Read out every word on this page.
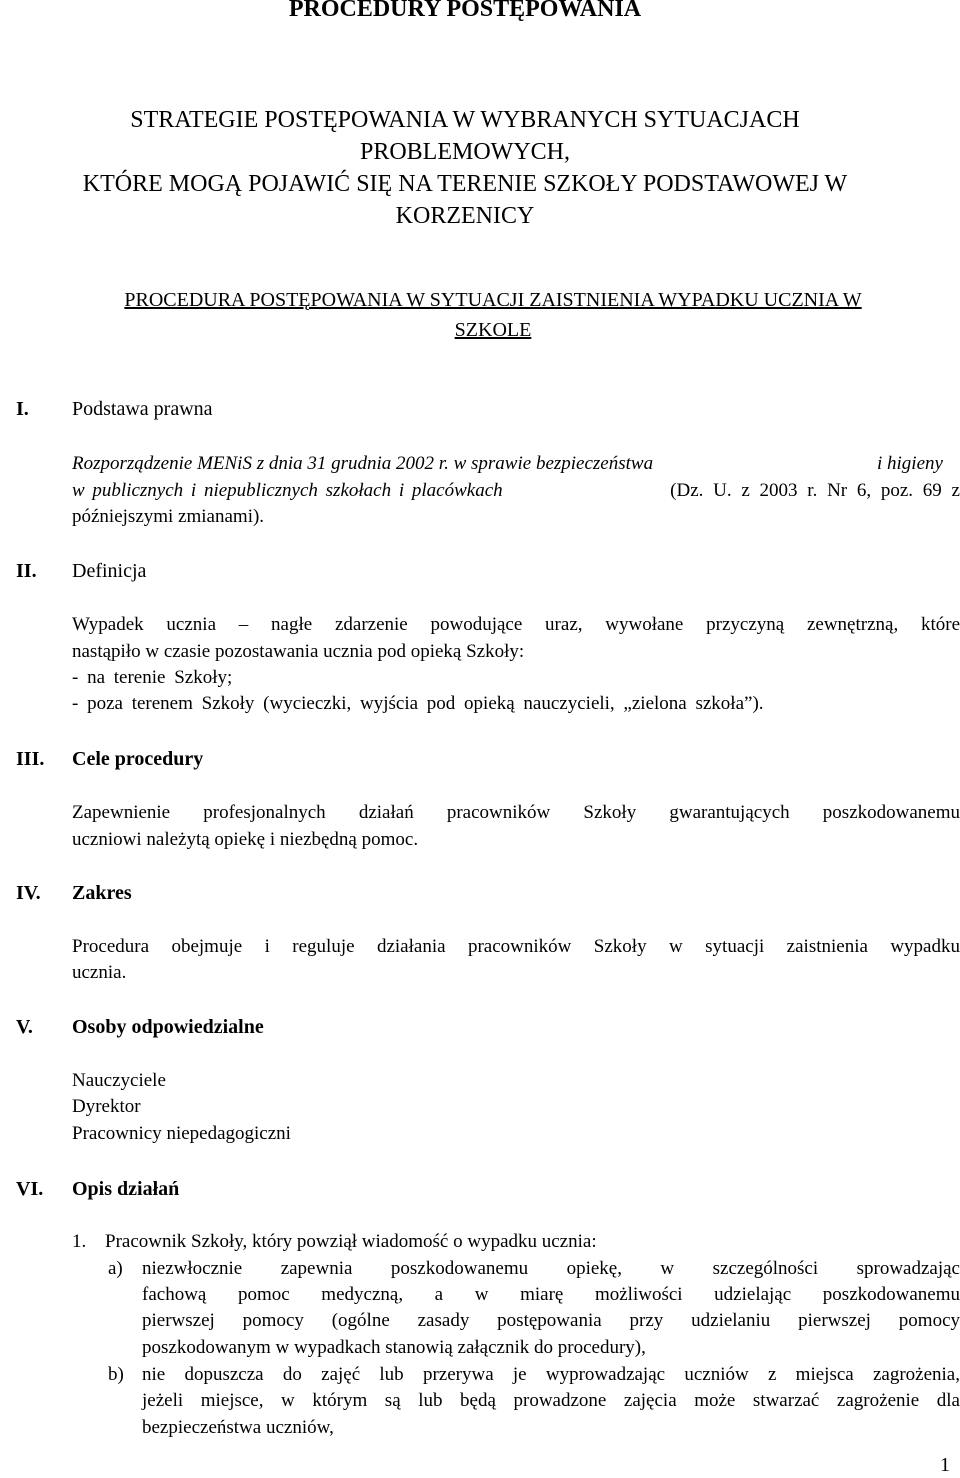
PROCEDURY POSTĘPOWANIA
STRATEGIE POSTĘPOWANIA W WYBRANYCH SYTUACJACH
PROBLEMOWYCH,
KTÓRE MOGĄ POJAWIĆ SIĘ NA TERENIE SZKOŁY PODSTAWOWEJ W
KORZENICY
PROCEDURA POSTĘPOWANIA W SYTUACJI ZAISTNIENIA WYPADKU UCZNIA W
SZKOLE
I. Podstawa prawna
Rozporządzenie MENiS z dnia 31 grudnia 2002 r. w sprawie bezpieczeństwa	i higieny
w publicznych i niepublicznych szkołach i placówkach	(Dz. U. z 2003 r. Nr 6, poz. 69 z
późniejszymi zmianami).
II. Definicja
Wypadek ucznia – nagłe zdarzenie powodujące uraz, wywołane przyczyną zewnętrzną, które
nastąpiło w czasie pozostawania ucznia pod opieką Szkoły:
- na terenie Szkoły;
- poza terenem Szkoły (wycieczki, wyjścia pod opieką nauczycieli, „zielona szkoła”).
III. Cele procedury
Zapewnienie profesjonalnych działań pracowników Szkoły gwarantujących poszkodowanemu
uczniowi należytą opiekę i niezbędną pomoc.
IV. Zakres
Procedura obejmuje i reguluje działania pracowników Szkoły w sytuacji zaistnienia wypadku
ucznia.
V. Osoby odpowiedzialne
Nauczyciele
Dyrektor
Pracownicy niepedagogiczni
VI. Opis działań
1. Pracownik Szkoły, który powziął wiadomość o wypadku ucznia:
a) niezwłocznie zapewnia poszkodowanemu opiekę, w szczególności sprowadzając
fachową pomoc medyczną, a w miarę możliwości udzielając poszkodowanemu
pierwszej pomocy (ogólne zasady postępowania przy udzielaniu pierwszej pomocy
poszkodowanym w wypadkach stanowią załącznik do procedury),
b) nie dopuszcza do zajęć lub przerywa je wyprowadzając uczniów z miejsca zagrożenia,
jeżeli miejsce, w którym są lub będą prowadzone zajęcia może stwarzać zagrożenie dla
bezpieczeństwa uczniów,
1
